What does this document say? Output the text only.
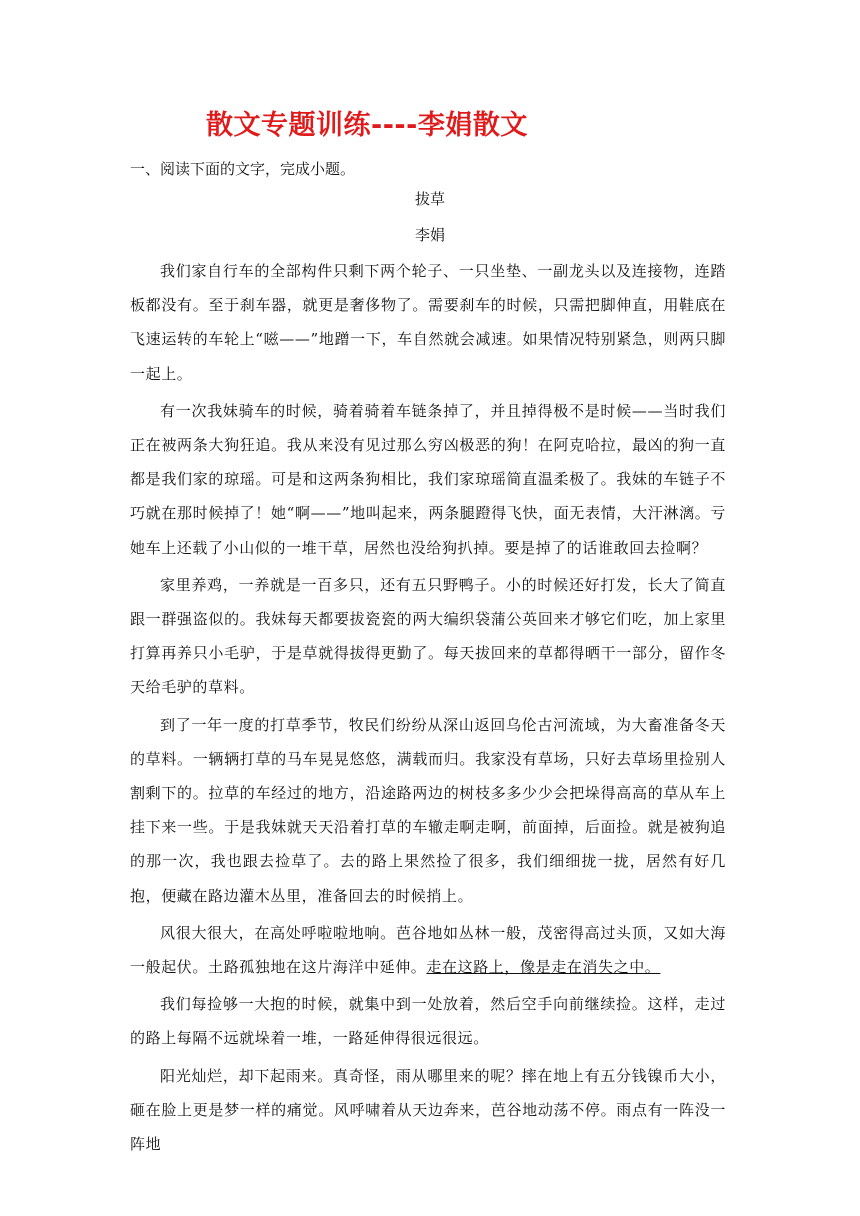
散文专题训练----李娟散文

一、阅读下面的文字，完成小题。

拔草

李娟

我们家自行车的全部构件只剩下两个轮子、一只坐垫、一副龙头以及连接物，连踏板都没有。至于刹车器，就更是奢侈物了。需要刹车的时候，只需把脚伸直，用鞋底在飞速运转的车轮上“嗞——”地蹭一下，车自然就会减速。如果情况特别紧急，则两只脚一起上。

有一次我妹骑车的时候，骑着骑着车链条掉了，并且掉得极不是时候——当时我们正在被两条大狗狂追。我从来没有见过那么穷凶极恶的狗！在阿克哈拉，最凶的狗一直都是我们家的琼瑶。可是和这两条狗相比，我们家琼瑶简直温柔极了。我妹的车链子不巧就在那时候掉了！她“啊——”地叫起来，两条腿蹬得飞快，面无表情，大汗淋漓。亏她车上还载了小山似的一堆干草，居然也没给狗扒掉。要是掉了的话谁敢回去捡啊？

家里养鸡，一养就是一百多只，还有五只野鸭子。小的时候还好打发，长大了简直跟一群强盗似的。我妹每天都要拔瓷瓷的两大编织袋蒲公英回来才够它们吃，加上家里打算再养只小毛驴，于是草就得拔得更勤了。每天拔回来的草都得晒干一部分，留作冬天给毛驴的草料。

到了一年一度的打草季节，牧民们纷纷从深山返回乌伦古河流域，为大畜准备冬天的草料。一辆辆打草的马车晃晃悠悠，满载而归。我家没有草场，只好去草场里捡别人割剩下的。拉草的车经过的地方，沿途路两边的树枝多多少少会把垛得高高的草从车上挂下来一些。于是我妹就天天沿着打草的车辙走啊走啊，前面掉，后面捡。就是被狗追的那一次，我也跟去捡草了。去的路上果然捡了很多，我们细细拢一拢，居然有好几抱，便藏在路边灌木丛里，准备回去的时候捎上。

风很大很大，在高处呼啦啦地响。芭谷地如丛林一般，茂密得高过头顶，又如大海一般起伏。土路孤独地在这片海洋中延伸。走在这路上，像是走在消失之中。

我们每捡够一大抱的时候，就集中到一处放着，然后空手向前继续捡。这样，走过的路上每隔不远就垛着一堆，一路延伸得很远很远。

阳光灿烂，却下起雨来。真奇怪，雨从哪里来的呢？摔在地上有五分钱镍币大小，砸在脸上更是梦一样的痛觉。风呼啸着从天边奔来，芭谷地动荡不停。雨点有一阵没一阵地
